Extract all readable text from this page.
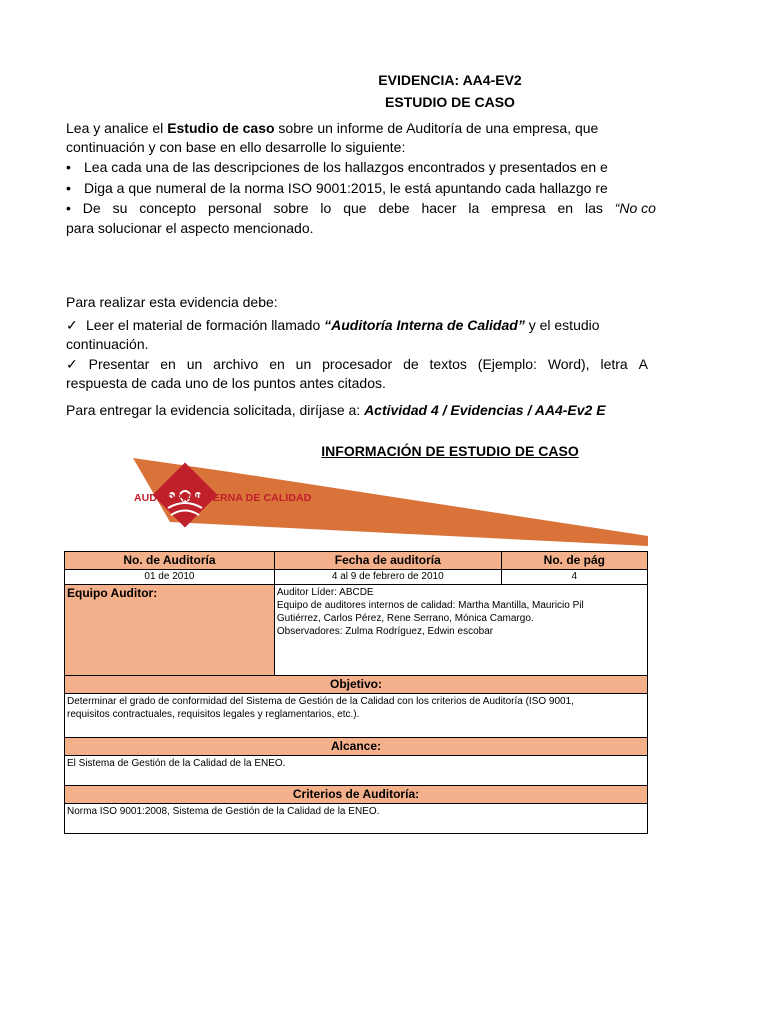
EVIDENCIA: AA4-EV2
ESTUDIO DE CASO
Lea y analice el Estudio de caso sobre un informe de Auditoría de una empresa, que
continuación y con base en ello desarrolle lo siguiente:
• Lea cada una de las descripciones de los hallazgos encontrados y presentados en e
• Diga a que numeral de la norma ISO 9001:2015, le está apuntando cada hallazgo re
• De su concepto personal sobre lo que debe hacer la empresa en las “No co
para solucionar el aspecto mencionado.
Para realizar esta evidencia debe:
✓ Leer el material de formación llamado “Auditoría Interna de Calidad” y el estudio
continuación.
✓ Presentar en un archivo en un procesador de textos (Ejemplo: Word), letra A
respuesta de cada uno de los puntos antes citados.
Para entregar la evidencia solicitada, diríjase a: Actividad 4 / Evidencias / AA4-Ev2 E
INFORMACIÓN DE ESTUDIO DE CASO
AUDITORÍA INTERNA DE CALIDAD
No. de Auditoría	Fecha de auditoría	No. de pág
01 de 2010	4 al 9 de febrero de 2010	4
Equipo Auditor:	Auditor Líder: ABCDE
Equipo de auditores internos de calidad: Martha Mantilla, Mauricio Pil
Gutiérrez, Carlos Pérez, Rene Serrano, Mónica Camargo.
Observadores: Zulma Rodríguez, Edwin escobar	

Objetivo:		

Determinar el grado de conformidad del Sistema de Gestión de la Calidad con los criterios de Auditoría (ISO 9001,
requisitos contractuales, requisitos legales y reglamentarios, etc.).		

Alcance:		

El Sistema de Gestión de la Calidad de la ENEO.		

Criterios de Auditoría:		

Norma ISO 9001:2008, Sistema de Gestión de la Calidad de la ENEO.		
